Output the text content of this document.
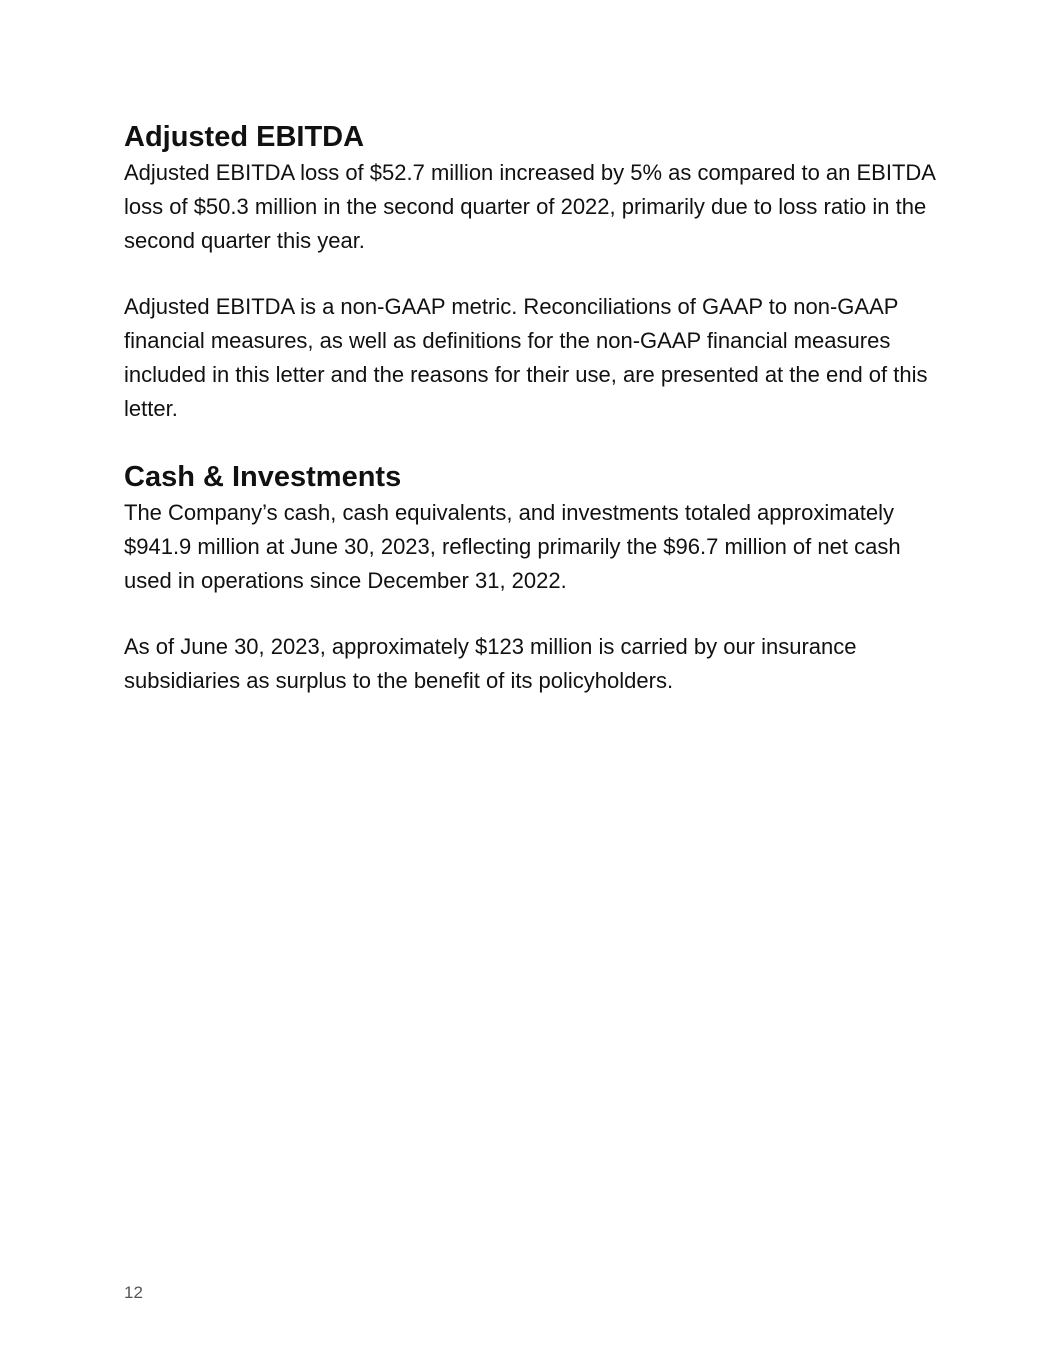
Adjusted EBITDA

Adjusted EBITDA loss of $52.7 million increased by 5% as compared to an EBITDA loss of $50.3 million in the second quarter of 2022, primarily due to loss ratio in the second quarter this year.

Adjusted EBITDA is a non-GAAP metric. Reconciliations of GAAP to non-GAAP financial measures, as well as definitions for the non-GAAP financial measures included in this letter and the reasons for their use, are presented at the end of this letter.

Cash & Investments

The Company’s cash, cash equivalents, and investments totaled approximately $941.9 million at June 30, 2023, reflecting primarily the $96.7 million of net cash used in operations since December 31, 2022.

As of June 30, 2023, approximately $123 million is carried by our insurance subsidiaries as surplus to the benefit of its policyholders.

12
